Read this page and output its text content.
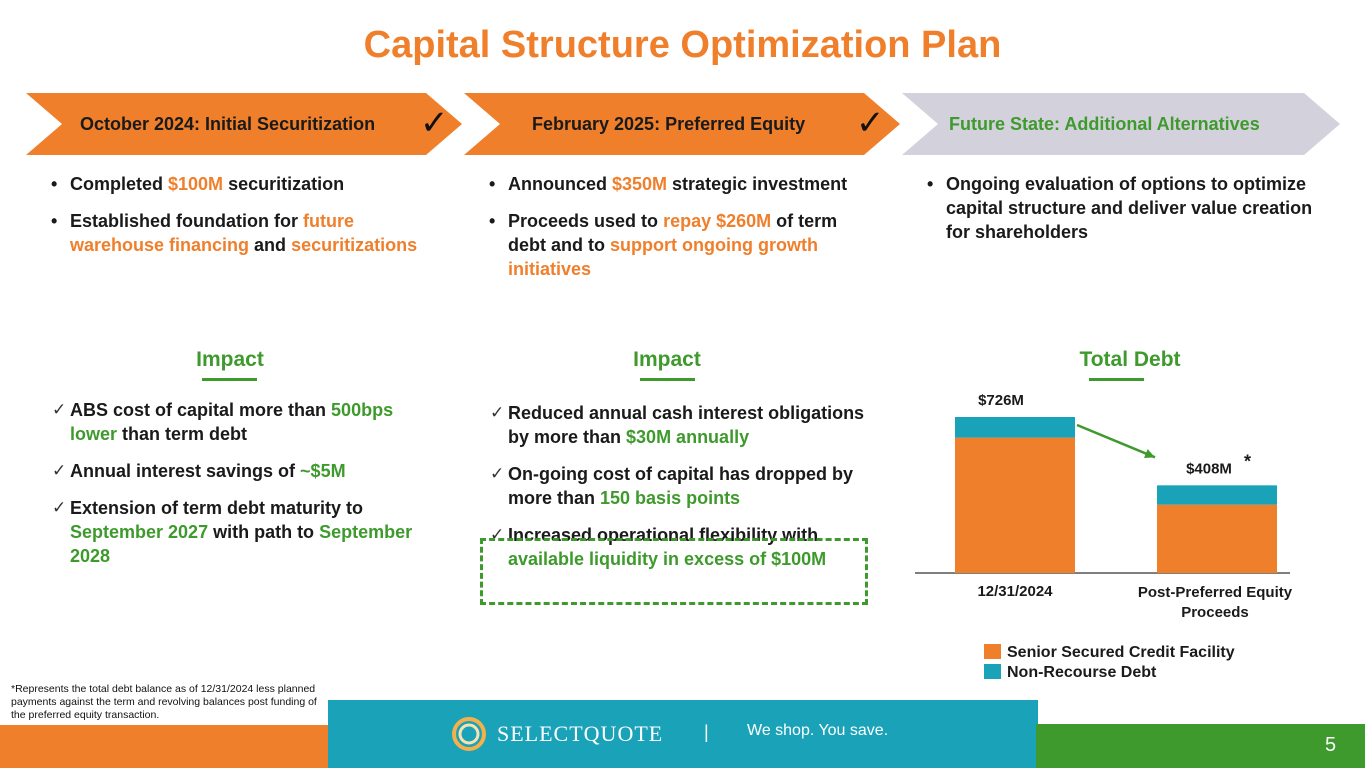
Capital Structure Optimization Plan
October 2024: Initial Securitization ✓	February 2025: Preferred Equity ✓	Future State: Additional Alternatives
• Completed $100M securitization
• Established foundation for future warehouse financing and securitizations
• Announced $350M strategic investment
• Proceeds used to repay $260M of term debt and to support ongoing growth initiatives
• Ongoing evaluation of options to optimize capital structure and deliver value creation for shareholders
Impact
✓ ABS cost of capital more than 500bps lower than term debt
✓ Annual interest savings of ~$5M
✓ Extension of term debt maturity to September 2027 with path to September 2028
Impact
✓ Reduced annual cash interest obligations by more than $30M annually
✓ On-going cost of capital has dropped by more than 150 basis points
✓ Increased operational flexibility with available liquidity in excess of $100M
Total Debt
$726M
$408M *
12/31/2024	Post-Preferred Equity Proceeds
Senior Secured Credit Facility
Non-Recourse Debt
*Represents the total debt balance as of 12/31/2024 less planned payments against the term and revolving balances post funding of the preferred equity transaction.
SELECTQUOTE | We shop. You save.
5
